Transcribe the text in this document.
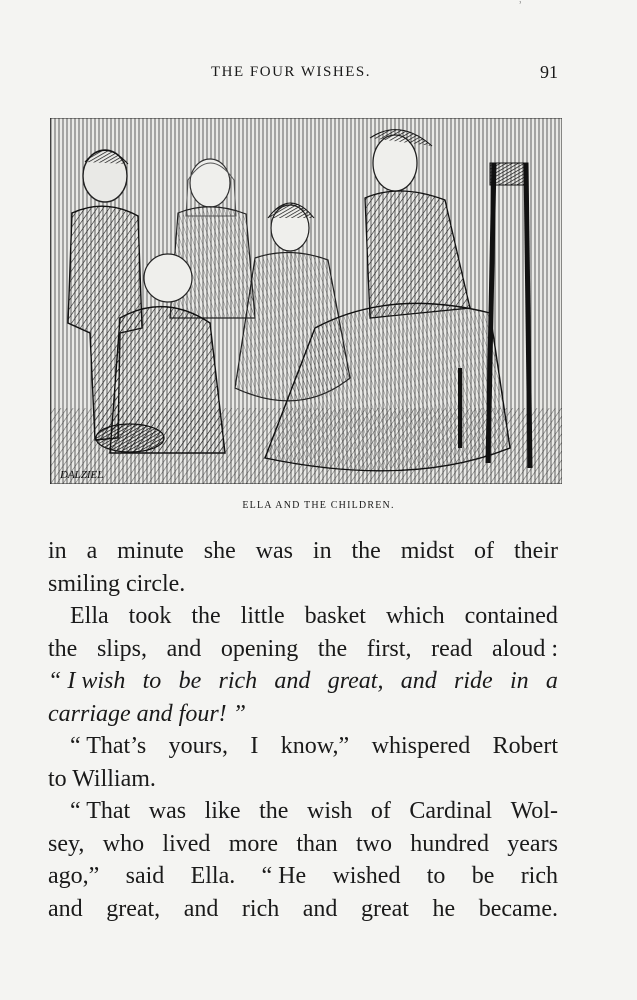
ʾ
THE FOUR WISHES.	91
DALZIEL
ELLA AND THE CHILDREN.
in a minute she was in the midst of their
smiling circle.
Ella took the little basket which contained
the slips, and opening the first, read aloud :
“ I wish to be rich and great, and ride in a
carriage and four! ”
“ That’s yours, I know,” whispered Robert
to William.
“ That was like the wish of Cardinal Wol-
sey, who lived more than two hundred years
ago,” said Ella. “ He wished to be rich
and great, and rich and great he became.
